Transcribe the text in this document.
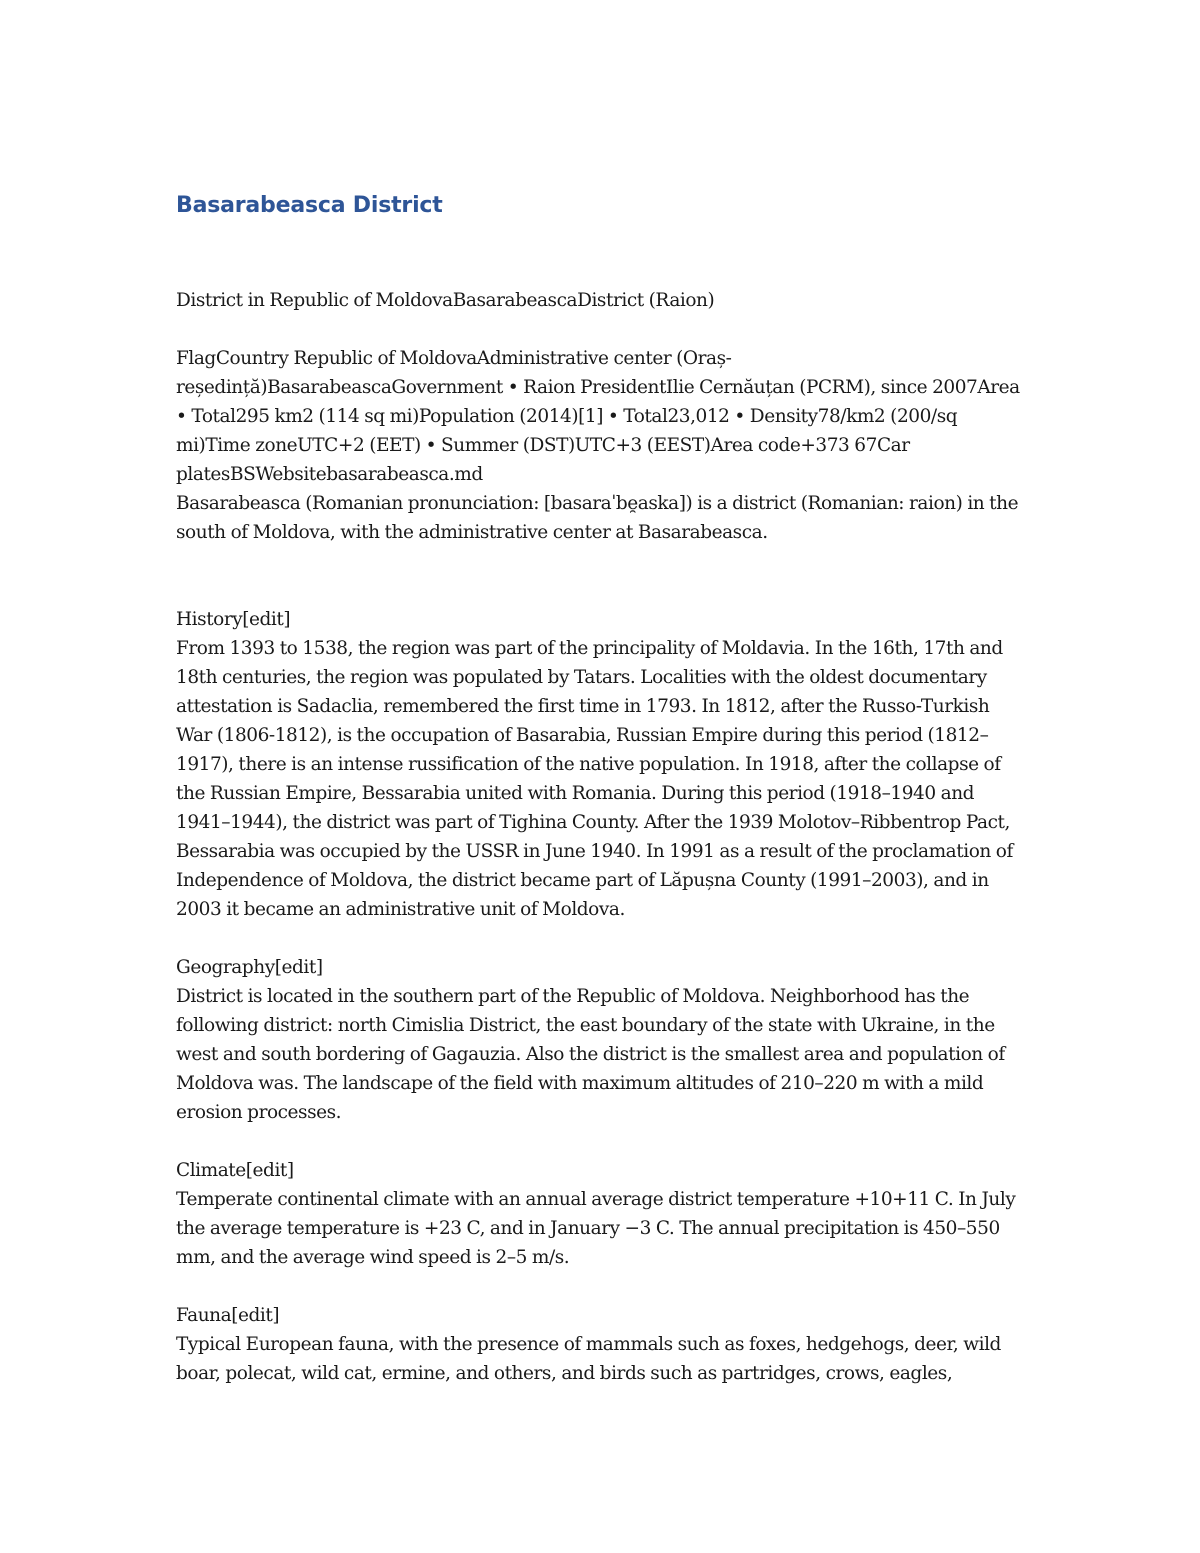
Basarabeasca District

District in Republic of MoldovaBasarabeascaDistrict (Raion)

FlagCountry Republic of MoldovaAdministrative center (Oraș-reședință)BasarabeascaGovernment • Raion PresidentIlie Cernăuțan (PCRM), since 2007Area • Total295 km2 (114 sq mi)Population (2014)[1] • Total23,012 • Density78/km2 (200/sq mi)Time zoneUTC+2 (EET) • Summer (DST)UTC+3 (EEST)Area code+373 67Car platesBSWebsitebasarabeasca.md

Basarabeasca (Romanian pronunciation: [basaraˈbe̯aska]) is a district (Romanian: raion) in the south of Moldova, with the administrative center at Basarabeasca.

History[edit]

From 1393 to 1538, the region was part of the principality of Moldavia. In the 16th, 17th and 18th centuries, the region was populated by Tatars. Localities with the oldest documentary attestation is Sadaclia, remembered the first time in 1793. In 1812, after the Russo-Turkish War (1806-1812), is the occupation of Basarabia, Russian Empire during this period (1812–1917), there is an intense russification of the native population. In 1918, after the collapse of the Russian Empire, Bessarabia united with Romania. During this period (1918–1940 and 1941–1944), the district was part of Tighina County. After the 1939 Molotov–Ribbentrop Pact, Bessarabia was occupied by the USSR in June 1940. In 1991 as a result of the proclamation of Independence of Moldova, the district became part of Lăpușna County (1991–2003), and in 2003 it became an administrative unit of Moldova.

Geography[edit]

District is located in the southern part of the Republic of Moldova. Neighborhood has the following district: north Cimislia District, the east boundary of the state with Ukraine, in the west and south bordering of Gagauzia. Also the district is the smallest area and population of Moldova was. The landscape of the field with maximum altitudes of 210–220 m with a mild erosion processes.

Climate[edit]

Temperate continental climate with an annual average district temperature +10+11 C. In July the average temperature is +23 C, and in January −3 C. The annual precipitation is 450–550 mm, and the average wind speed is 2–5 m/s.

Fauna[edit]

Typical European fauna, with the presence of mammals such as foxes, hedgehogs, deer, wild boar, polecat, wild cat, ermine, and others, and birds such as partridges, crows, eagles,
